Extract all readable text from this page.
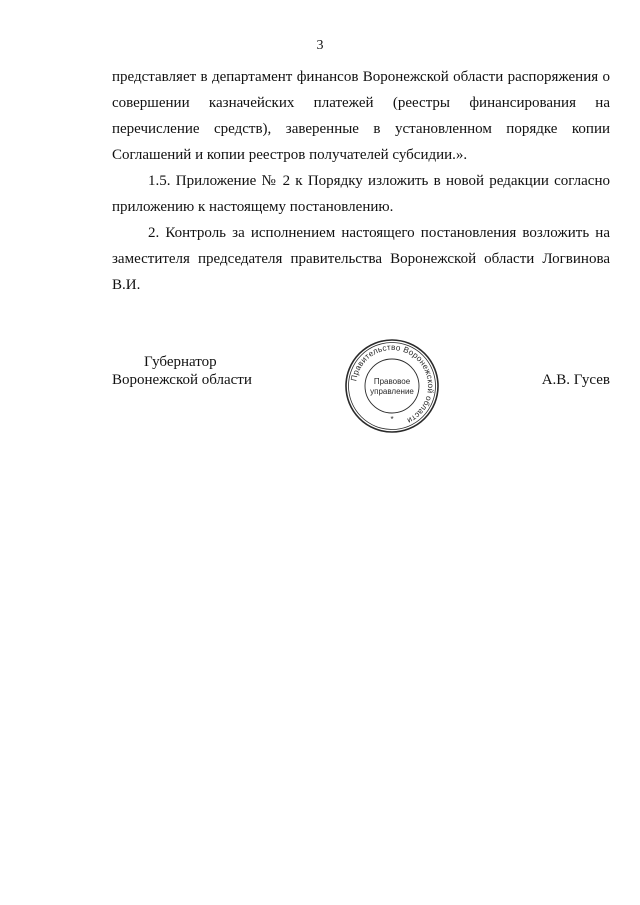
3

представляет в департамент финансов Воронежской области распоряжения о совершении казначейских платежей (реестры финансирования на перечисление средств), заверенные в установленном порядке копии Соглашений и копии реестров получателей субсидии.».

1.5. Приложение № 2 к Порядку изложить в новой редакции согласно приложению к настоящему постановлению.

2. Контроль за исполнением настоящего постановления возложить на заместителя председателя правительства Воронежской области Логвинова В.И.

Губернатор
Воронежской области	А.В. Гусев
Правительство Воронежской области
Правовое
управление
*
